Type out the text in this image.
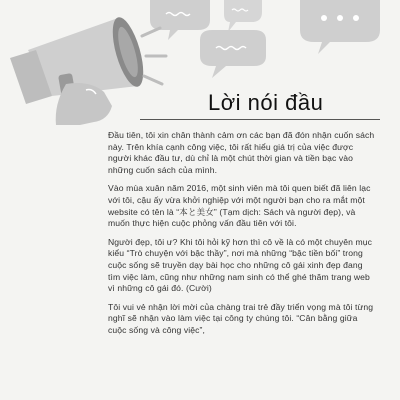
Lời nói đầu

Đầu tiên, tôi xin chân thành cảm ơn các bạn đã đón nhận cuốn sách này. Trên khía cạnh công việc, tôi rất hiểu giá trị của việc được người khác đầu tư, dù chỉ là một chút thời gian và tiền bạc vào những cuốn sách của mình.

Vào mùa xuân năm 2016, một sinh viên mà tôi quen biết đã liên lạc với tôi, cậu ấy vừa khởi nghiệp với một người bạn cho ra mắt một website có tên là “本と美女” (Tạm dịch: Sách và người đẹp), và muốn thực hiện cuộc phỏng vấn đầu tiên với tôi.

Người đẹp, tôi ư? Khi tôi hỏi kỹ hơn thì cô về là có một chuyên mục kiểu “Trò chuyện với bậc thầy”, nơi mà những “bậc tiền bối” trong cuộc sống sẽ truyền dạy bài học cho những cô gái xinh đẹp đang tìm việc làm, cũng như những nam sinh có thể ghé thăm trang web vì những cô gái đó. (Cười)

Tôi vui vẻ nhận lời mời của chàng trai trẻ đầy triển vọng mà tôi từng nghĩ sẽ nhận vào làm việc tại công ty chúng tôi. “Cân bằng giữa cuộc sống và công việc”,
